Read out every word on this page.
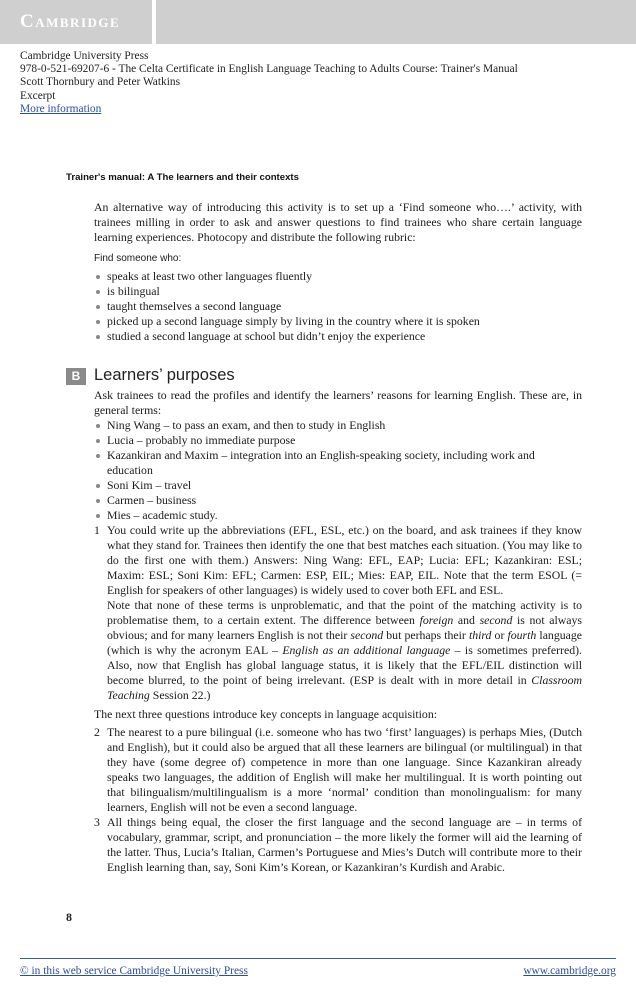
Cambridge
Cambridge University Press
978-0-521-69207-6 - The Celta Certificate in English Language Teaching to Adults Course: Trainer's Manual
Scott Thornbury and Peter Watkins
Excerpt
More information
Trainer's manual: A The learners and their contexts
An alternative way of introducing this activity is to set up a ‘Find someone who….’ activity, with trainees milling in order to ask and answer questions to find trainees who share certain language learning experiences. Photocopy and distribute the following rubric:
Find someone who:
speaks at least two other languages fluently
is bilingual
taught themselves a second language
picked up a second language simply by living in the country where it is spoken
studied a second language at school but didn’t enjoy the experience
B Learners’ purposes
Ask trainees to read the profiles and identify the learners’ reasons for learning English. These are, in general terms:
Ning Wang – to pass an exam, and then to study in English
Lucia – probably no immediate purpose
Kazankiran and Maxim – integration into an English-speaking society, including work and education
Soni Kim – travel
Carmen – business
Mies – academic study.
1 You could write up the abbreviations (EFL, ESL, etc.) on the board, and ask trainees if they know what they stand for. Trainees then identify the one that best matches each situation. (You may like to do the first one with them.) Answers: Ning Wang: EFL, EAP; Lucia: EFL; Kazankiran: ESL; Maxim: ESL; Soni Kim: EFL; Carmen: ESP, EIL; Mies: EAP, EIL. Note that the term ESOL (= English for speakers of other languages) is widely used to cover both EFL and ESL.
Note that none of these terms is unproblematic, and that the point of the matching activity is to problematise them, to a certain extent. The difference between foreign and second is not always obvious; and for many learners English is not their second but perhaps their third or fourth language (which is why the acronym EAL – English as an additional language – is sometimes preferred). Also, now that English has global language status, it is likely that the EFL/EIL distinction will become blurred, to the point of being irrelevant. (ESP is dealt with in more detail in Classroom Teaching Session 22.)
The next three questions introduce key concepts in language acquisition:
2 The nearest to a pure bilingual (i.e. someone who has two ‘first’ languages) is perhaps Mies, (Dutch and English), but it could also be argued that all these learners are bilingual (or multilingual) in that they have (some degree of) competence in more than one language. Since Kazankiran already speaks two languages, the addition of English will make her multilingual. It is worth pointing out that bilingualism/multilingualism is a more ‘normal’ condition than monolingualism: for many learners, English will not be even a second language.
3 All things being equal, the closer the first language and the second language are – in terms of vocabulary, grammar, script, and pronunciation – the more likely the former will aid the learning of the latter. Thus, Lucia’s Italian, Carmen’s Portuguese and Mies’s Dutch will contribute more to their English learning than, say, Soni Kim’s Korean, or Kazankiran’s Kurdish and Arabic.
8
© in this web service Cambridge University Press	www.cambridge.org
